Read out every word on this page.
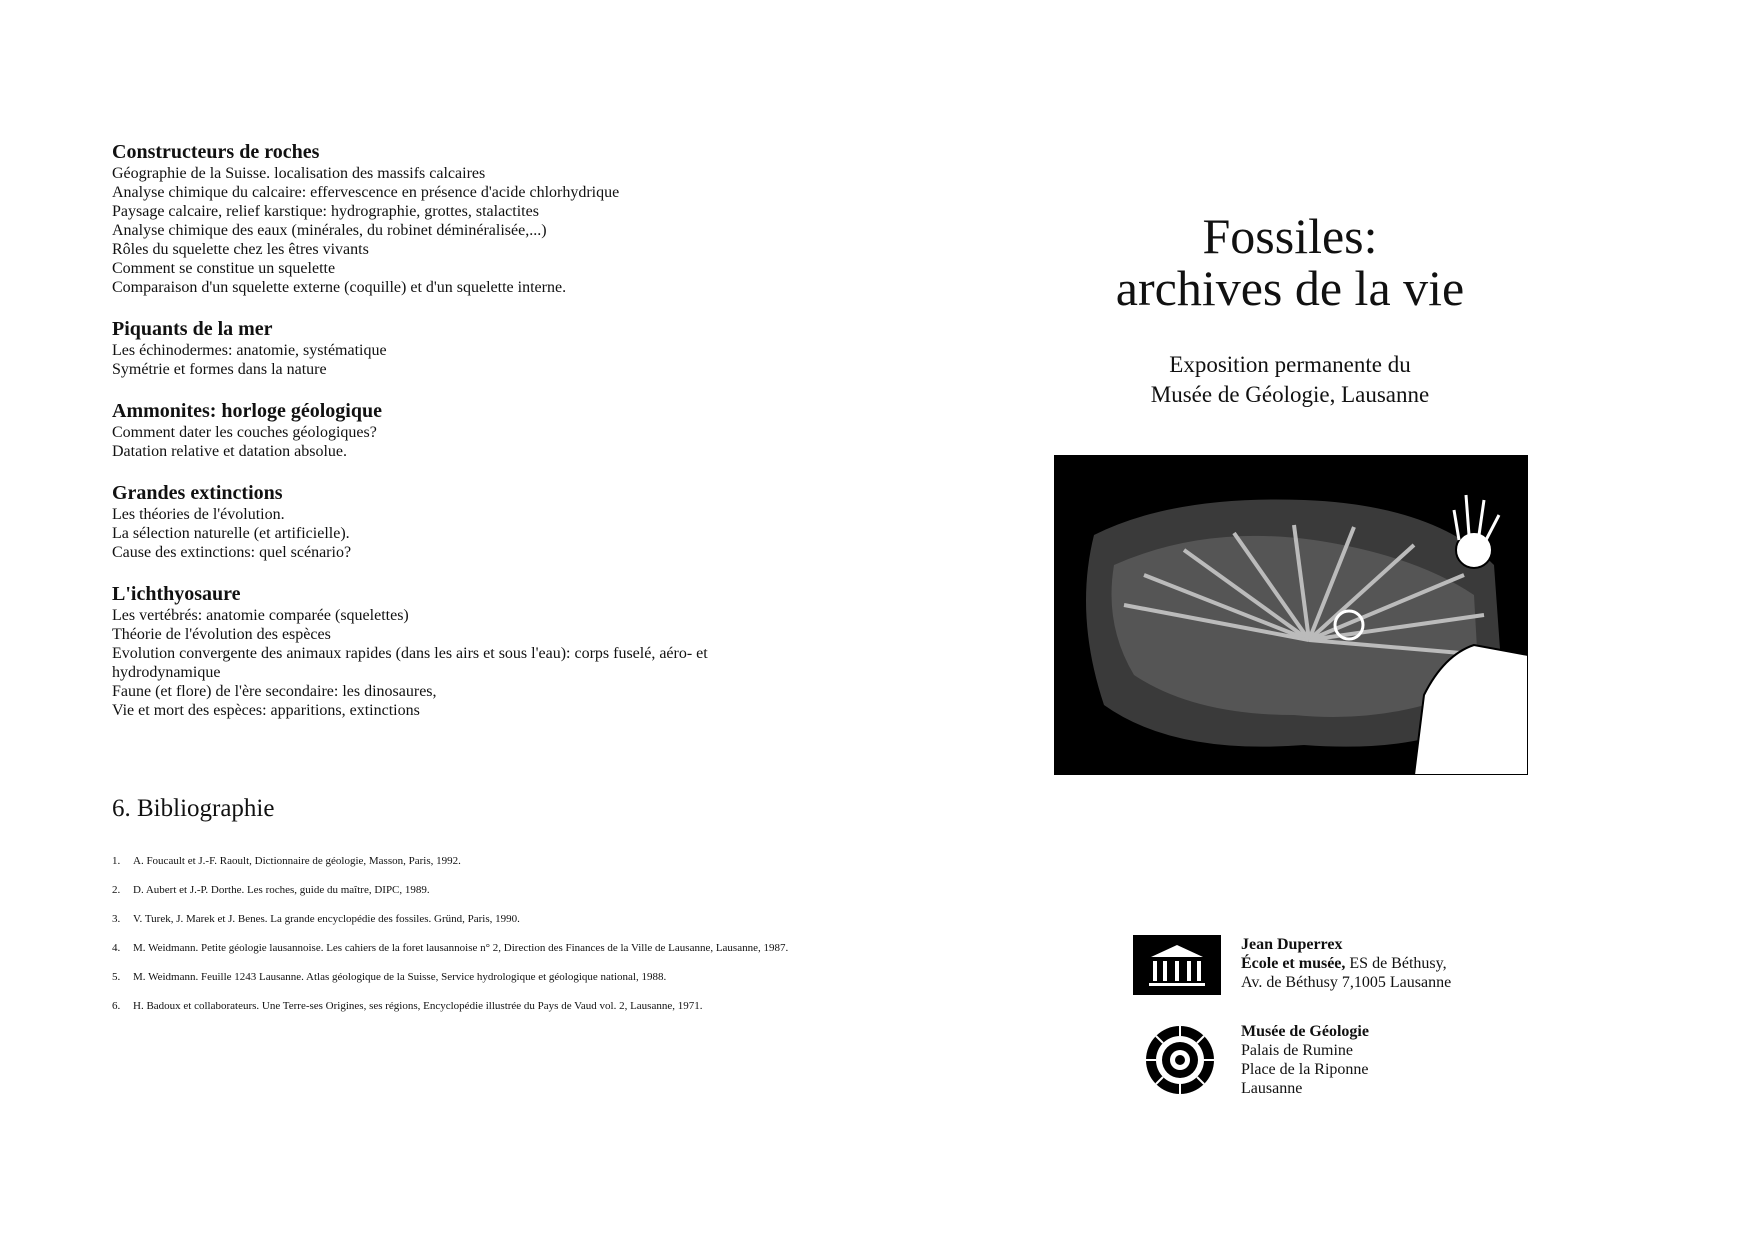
Constructeurs de roches

Géographie de la Suisse. localisation des massifs calcaires

Analyse chimique du calcaire: effervescence en présence d'acide chlorhydrique

Paysage calcaire, relief karstique: hydrographie, grottes, stalactites

Analyse chimique des eaux (minérales, du robinet déminéralisée,...)

Rôles du squelette chez les êtres vivants

Comment se constitue un squelette

Comparaison d'un squelette externe (coquille) et d'un squelette interne.

Piquants de la mer

Les échinodermes: anatomie, systématique

Symétrie et formes dans la nature

Ammonites: horloge géologique

Comment dater les couches géologiques?

Datation relative et datation absolue.

Grandes extinctions

Les théories de l'évolution.

La sélection naturelle (et artificielle).

Cause des extinctions: quel scénario?

L'ichthyosaure

Les vertébrés: anatomie comparée (squelettes)

Théorie de l'évolution des espèces

Evolution convergente des animaux rapides (dans les airs et sous l'eau): corps fuselé, aéro- et

hydrodynamique

Faune (et flore) de l'ère secondaire: les dinosaures,

Vie et mort des espèces: apparitions, extinctions

6. Bibliographie
1. A. Foucault et J.-F. Raoult, Dictionnaire de géologie, Masson, Paris, 1992.
2. D. Aubert et J.-P. Dorthe. Les roches, guide du maître, DIPC, 1989.
3. V. Turek, J. Marek et J. Benes. La grande encyclopédie des fossiles. Gründ, Paris, 1990.
4. M. Weidmann. Petite géologie lausannoise. Les cahiers de la foret lausannoise n° 2, Direction des Finances de la Ville de Lausanne, Lausanne, 1987.
5. M. Weidmann. Feuille 1243 Lausanne. Atlas géologique de la Suisse, Service hydrologique et géologique national, 1988.
6. H. Badoux et collaborateurs. Une Terre-ses Origines, ses régions, Encyclopédie illustrée du Pays de Vaud vol. 2, Lausanne, 1971.

Fossiles:

archives de la vie

Exposition permanente du

Musée de Géologie, Lausanne

Jean Duperrex

École et musée, ES de Béthusy,

Av. de Béthusy 7,1005 Lausanne

Musée de Géologie

Palais de Rumine

Place de la Riponne

Lausanne
